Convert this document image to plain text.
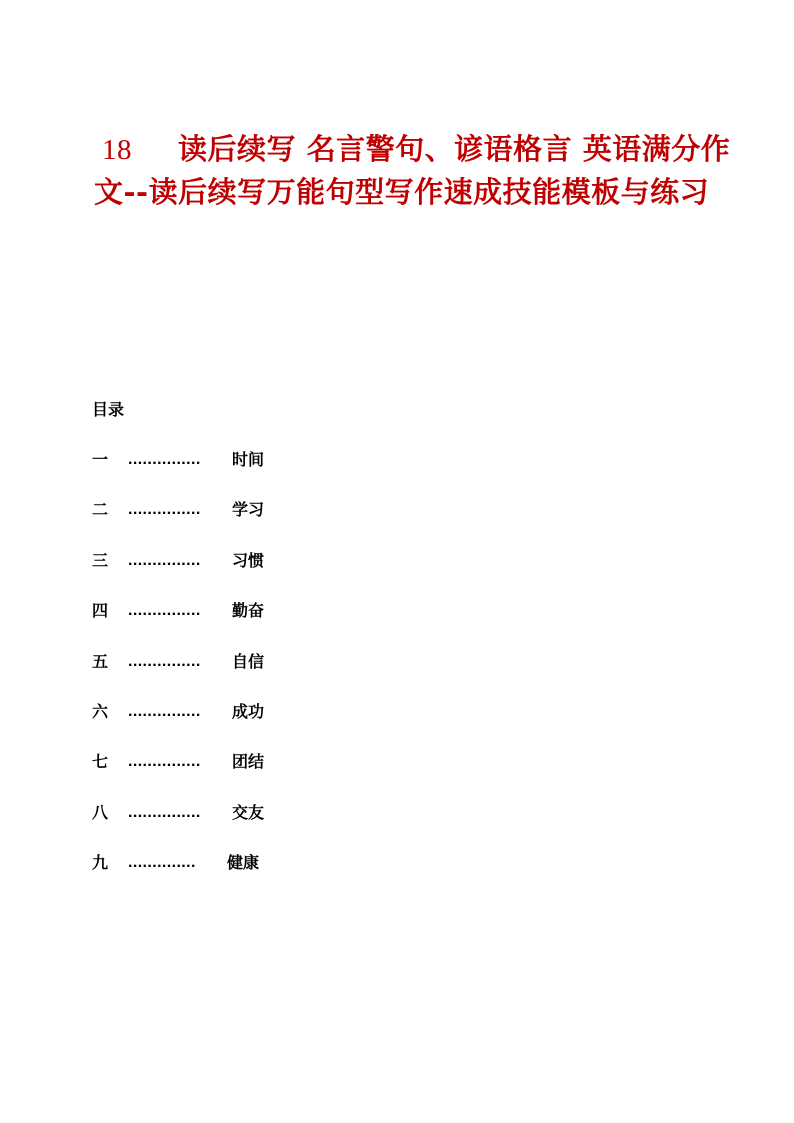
18 读后续写 名言警句、谚语格言 英语满分作文--读后续写万能句型写作速成技能模板与练习
目录
一 ............... 时间
二 ............... 学习
三 ............... 习惯
四 ............... 勤奋
五 ............... 自信
六 ............... 成功
七 ............... 团结
八 ............... 交友
九 .............. 健康
